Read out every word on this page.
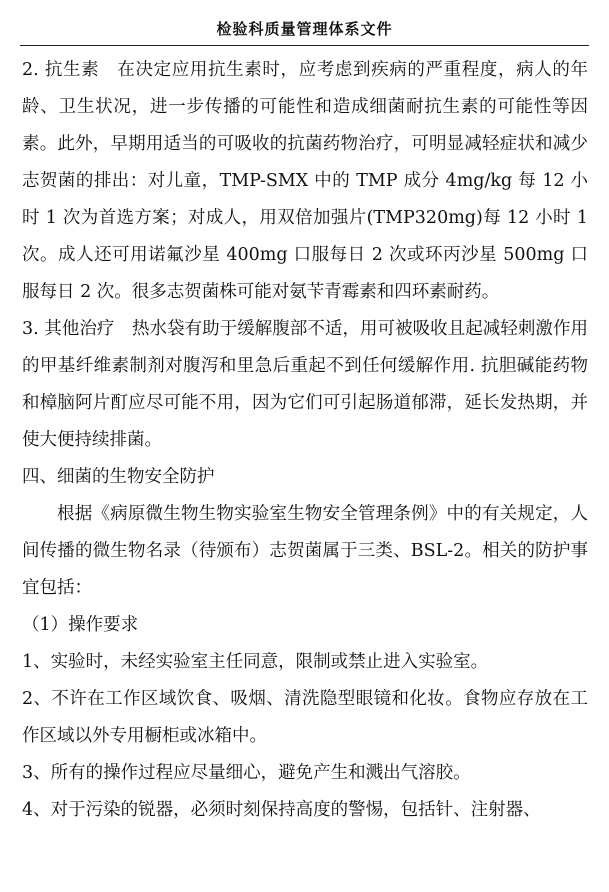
检验科质量管理体系文件

2. 抗生素　在决定应用抗生素时，应考虑到疾病的严重程度，病人的年龄、卫生状况，进一步传播的可能性和造成细菌耐抗生素的可能性等因素。此外，早期用适当的可吸收的抗菌药物治疗，可明显减轻症状和减少志贺菌的排出：对儿童，TMP-SMX 中的 TMP 成分 4mg/kg 每 12 小时 1 次为首选方案；对成人，用双倍加强片(TMP320mg)每 12 小时 1 次。成人还可用诺氟沙星 400mg 口服每日 2 次或环丙沙星 500mg 口服每日 2 次。很多志贺菌株可能对氨苄青霉素和四环素耐药。

3. 其他治疗　热水袋有助于缓解腹部不适，用可被吸收且起减轻刺激作用的甲基纤维素制剂对腹泻和里急后重起不到任何缓解作用. 抗胆碱能药物和樟脑阿片酊应尽可能不用，因为它们可引起肠道郁滞，延长发热期，并使大便持续排菌。

四、细菌的生物安全防护

根据《病原微生物生物实验室生物安全管理条例》中的有关规定，人间传播的微生物名录（待颁布）志贺菌属于三类、BSL-2。相关的防护事宜包括：

（1）操作要求

1、实验时，未经实验室主任同意，限制或禁止进入实验室。

2、不许在工作区域饮食、吸烟、清洗隐型眼镜和化妆。食物应存放在工作区域以外专用橱柜或冰箱中。

3、所有的操作过程应尽量细心，避免产生和溅出气溶胶。

4、对于污染的锐器，必须时刻保持高度的警惕，包括针、注射器、
